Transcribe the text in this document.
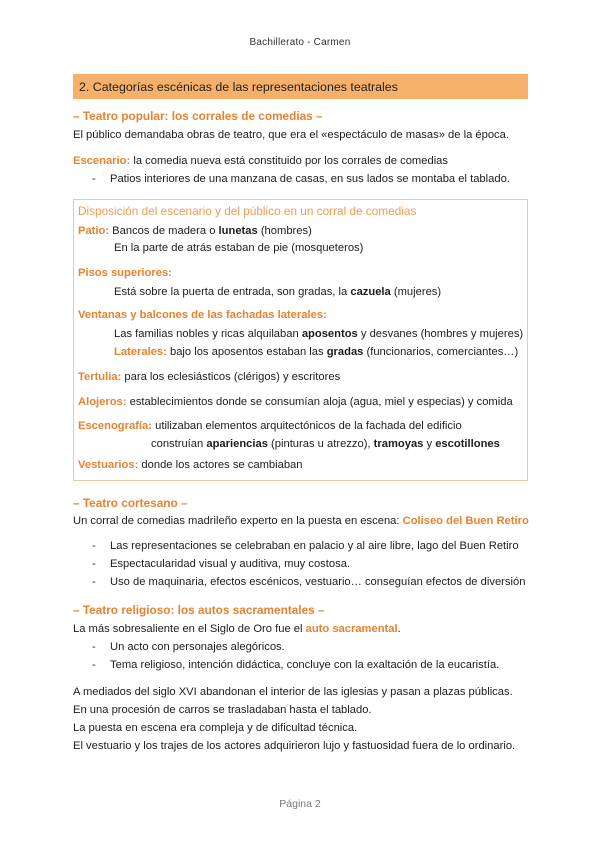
Bachillerato - Carmen
2. Categorías escénicas de las representaciones teatrales
– Teatro popular: los corrales de comedias –
El público demandaba obras de teatro, que era el «espectáculo de masas» de la época.
Escenario: la comedia nueva está constituido por los corrales de comedias
- Patios interiores de una manzana de casas, en sus lados se montaba el tablado.
Disposición del escenario y del público en un corral de comedias
Patio: Bancos de madera o lunetas (hombres)
En la parte de atrás estaban de pie (mosqueteros)
Pisos superiores:
Está sobre la puerta de entrada, son gradas, la cazuela (mujeres)
Ventanas y balcones de las fachadas laterales:
Las familias nobles y ricas alquilaban aposentos y desvanes (hombres y mujeres)
Laterales: bajo los aposentos estaban las gradas (funcionarios, comerciantes…)
Tertulia: para los eclesiásticos (clérigos) y escritores
Alojeros: establecimientos donde se consumían aloja (agua, miel y especias) y comida
Escenografía: utilizaban elementos arquitectónicos de la fachada del edificio
construían apariencias (pinturas u atrezzo), tramoyas y escotillones
Vestuarios: donde los actores se cambiaban
– Teatro cortesano –
Un corral de comedias madrileño experto en la puesta en escena: Coliseo del Buen Retiro
- Las representaciones se celebraban en palacio y al aire libre, lago del Buen Retiro
- Espectacularidad visual y auditiva, muy costosa.
- Uso de maquinaria, efectos escénicos, vestuario… conseguían efectos de diversión
– Teatro religioso: los autos sacramentales –
La más sobresaliente en el Siglo de Oro fue el auto sacramental.
- Un acto con personajes alegóricos.
- Tema religioso, intención didáctica, concluye con la exaltación de la eucaristía.
A mediados del siglo XVI abandonan el interior de las iglesias y pasan a plazas públicas.
En una procesión de carros se trasladaban hasta el tablado.
La puesta en escena era compleja y de dificultad técnica.
El vestuario y los trajes de los actores adquirieron lujo y fastuosidad fuera de lo ordinario.
Página 2
